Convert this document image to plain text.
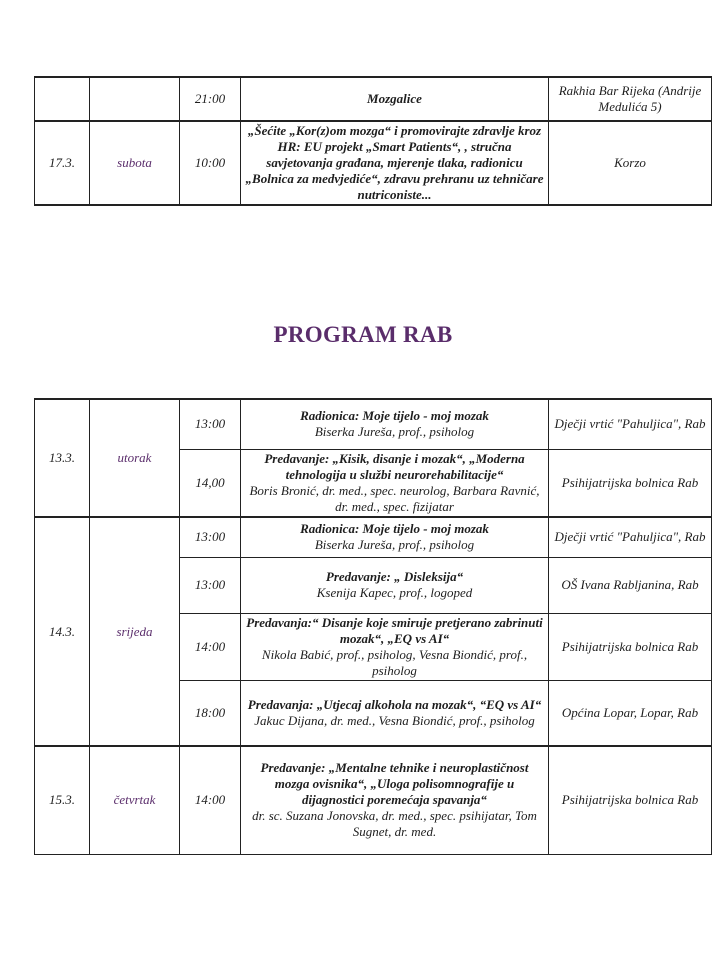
		21:00	Mozgalice	Rakhia Bar Rijeka (Andrije Medulića 5)
17.3.	subota	10:00	„Šećite „Kor(z)om mozga“ i promovirajte zdravlje kroz HR: EU projekt „Smart Patients“, , stručna savjetovanja građana, mjerenje tlaka, radionicu „Bolnica za medvjediće“, zdravu prehranu uz tehničare nutriconiste...	Korzo
PROGRAM RAB
13.3.	utorak	13:00	Radionica: Moje tijelo - moj mozak
Biserka Jureša, prof., psiholog	Dječji vrtić "Pahuljica", Rab
		14,00	Predavanje: „Kisik, disanje i mozak“, „Moderna tehnologija u službi neurorehabilitacije“
Boris Bronić, dr. med., spec. neurolog, Barbara Ravnić, dr. med., spec. fizijatar	Psihijatrijska bolnica Rab
14.3.	srijeda	13:00	Radionica: Moje tijelo - moj mozak
Biserka Jureša, prof., psiholog	Dječji vrtić "Pahuljica", Rab
		13:00	Predavanje: „ Disleksija“
Ksenija Kapec, prof., logoped	OŠ Ivana Rabljanina, Rab
		14:00	Predavanja:“ Disanje koje smiruje pretjerano zabrinuti mozak“, „EQ vs AI“
Nikola Babić, prof., psiholog, Vesna Biondić, prof., psiholog	Psihijatrijska bolnica Rab
		18:00	Predavanja: „Utjecaj alkohola na mozak“, “EQ vs AI“
Jakuc Dijana, dr. med., Vesna Biondić, prof., psiholog	Općina Lopar, Lopar, Rab
15.3.	četvrtak	14:00	Predavanje: „Mentalne tehnike i neuroplastičnost mozga ovisnika“, „Uloga polisomnografije u dijagnostici poremećaja spavanja“
dr. sc. Suzana Jonovska, dr. med., spec. psihijatar, Tom Sugnet, dr. med.	Psihijatrijska bolnica Rab
